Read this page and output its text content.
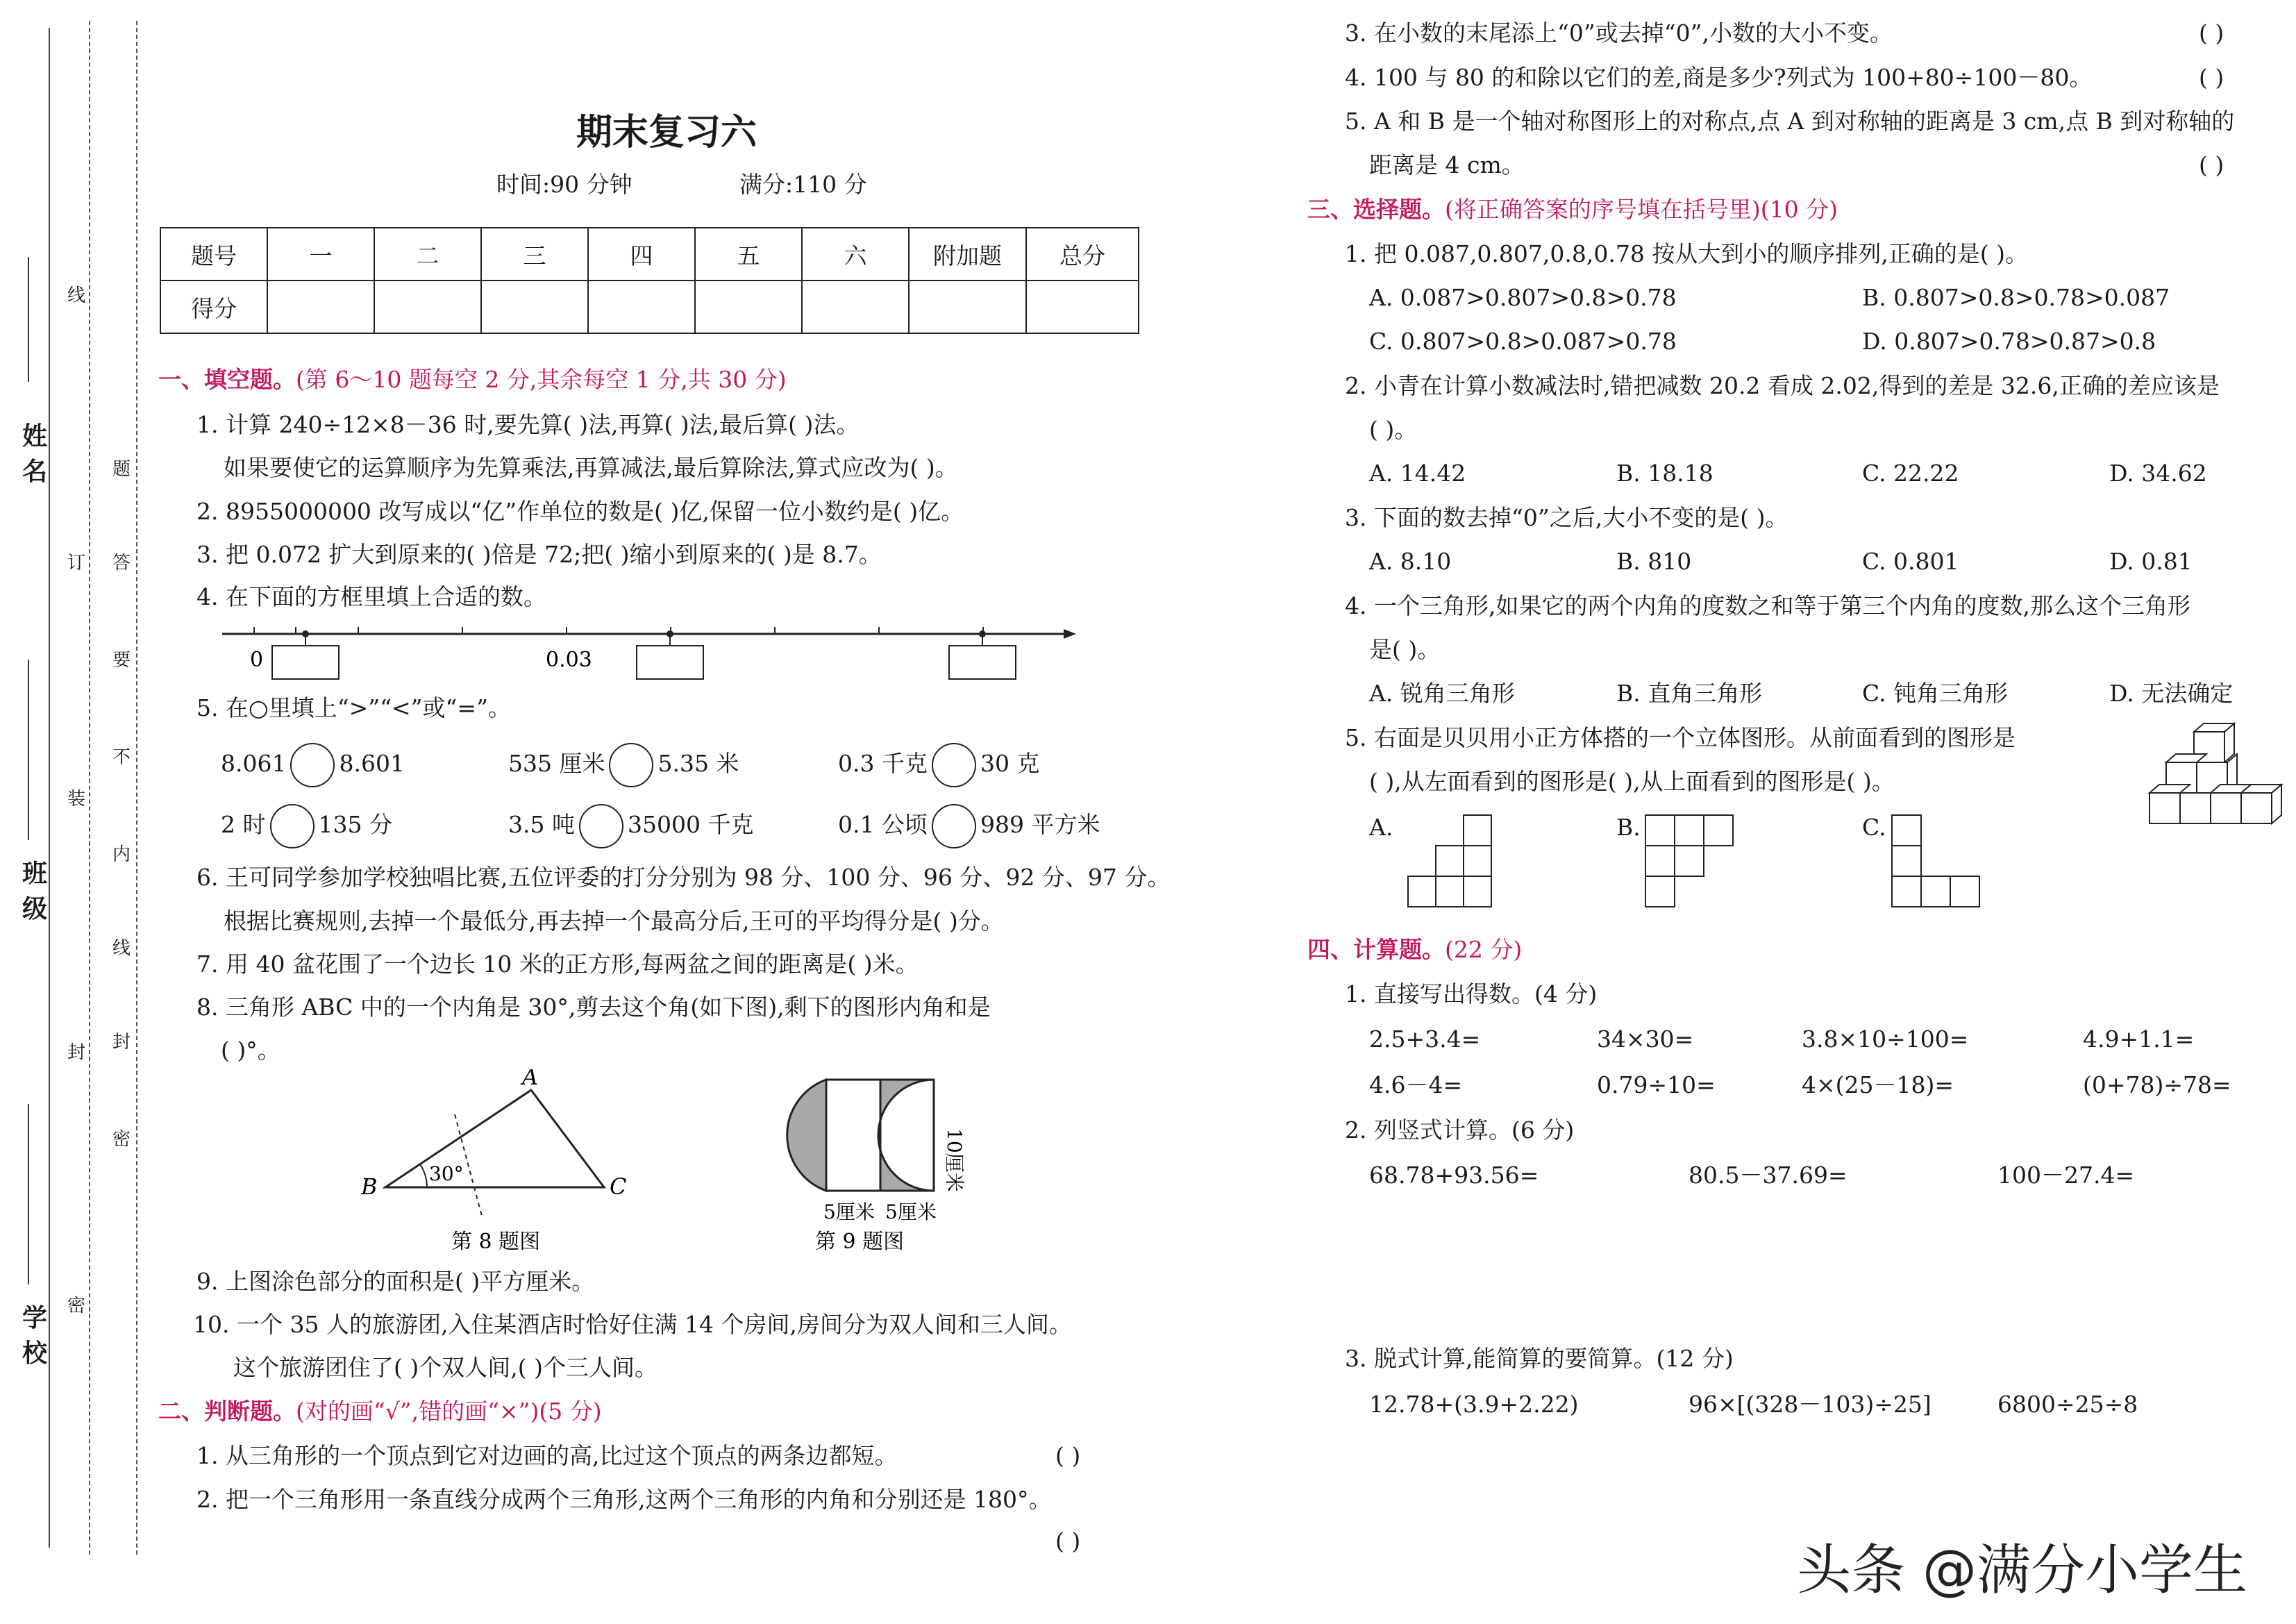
姓名
班级
学校
线
订
装
封
密
密
封
线
内
不
要
答
题
期末复习六
时间:90 分钟	满分:110 分
题号	一	二	三	四	五	六	附加题	总分
得分								
一、填空题。(第 6～10 题每空 2 分,其余每空 1 分,共 30 分)
1. 计算 240÷12×8－36 时,要先算( )法,再算( )法,最后算( )法。
如果要使它的运算顺序为先算乘法,再算减法,最后算除法,算式应改为( )。
2. 8955000000 改写成以“亿”作单位的数是( )亿,保留一位小数约是( )亿。
3. 把 0.072 扩大到原来的( )倍是 72;把( )缩小到原来的( )是 8.7。
4. 在下面的方框里填上合适的数。
0	0.03
5. 在○里填上“>”“<”或“=”。
8.061 8.601	535 厘米 5.35 米	0.3 千克 30 克
2 时 135 分	3.5 吨 35000 千克	0.1 公顷 989 平方米
6. 王可同学参加学校独唱比赛,五位评委的打分分别为 98 分、100 分、96 分、92 分、97 分。
根据比赛规则,去掉一个最低分,再去掉一个最高分后,王可的平均得分是( )分。
7. 用 40 盆花围了一个边长 10 米的正方形,每两盆之间的距离是( )米。
8. 三角形 ABC 中的一个内角是 30°,剪去这个角(如下图),剩下的图形内角和是
( )°。
A
B	C
30°
第 8 题图
10厘米
5厘米 5厘米
第 9 题图
9. 上图涂色部分的面积是( )平方厘米。
10. 一个 35 人的旅游团,入住某酒店时恰好住满 14 个房间,房间分为双人间和三人间。
这个旅游团住了( )个双人间,( )个三人间。
二、判断题。(对的画“√”,错的画“×”)(5 分)
1. 从三角形的一个顶点到它对边画的高,比过这个顶点的两条边都短。	( )
2. 把一个三角形用一条直线分成两个三角形,这两个三角形的内角和分别还是 180°。
( )
3. 在小数的末尾添上“0”或去掉“0”,小数的大小不变。	( )
4. 100 与 80 的和除以它们的差,商是多少?列式为 100+80÷100－80。	( )
5. A 和 B 是一个轴对称图形上的对称点,点 A 到对称轴的距离是 3 cm,点 B 到对称轴的
距离是 4 cm。	( )
三、选择题。(将正确答案的序号填在括号里)(10 分)
1. 把 0.087,0.807,0.8,0.78 按从大到小的顺序排列,正确的是( )。
A. 0.087>0.807>0.8>0.78	B. 0.807>0.8>0.78>0.087
C. 0.807>0.8>0.087>0.78	D. 0.807>0.78>0.87>0.8
2. 小青在计算小数减法时,错把减数 20.2 看成 2.02,得到的差是 32.6,正确的差应该是
( )。
A. 14.42	B. 18.18	C. 22.22	D. 34.62
3. 下面的数去掉“0”之后,大小不变的是( )。
A. 8.10	B. 810	C. 0.801	D. 0.81
4. 一个三角形,如果它的两个内角的度数之和等于第三个内角的度数,那么这个三角形
是( )。
A. 锐角三角形	B. 直角三角形	C. 钝角三角形	D. 无法确定
5. 右面是贝贝用小正方体搭的一个立体图形。从前面看到的图形是
( ),从左面看到的图形是( ),从上面看到的图形是( )。
A.	B.	C.
四、计算题。(22 分)
1. 直接写出得数。(4 分)
2.5+3.4=	34×30=	3.8×10÷100=	4.9+1.1=
4.6－4=	0.79÷10=	4×(25－18)=	(0+78)÷78=
2. 列竖式计算。(6 分)
68.78+93.56=	80.5－37.69=	100－27.4=
3. 脱式计算,能简算的要简算。(12 分)
12.78+(3.9+2.22)	96×[(328－103)÷25]	6800÷25÷8
头条 @满分小学生
